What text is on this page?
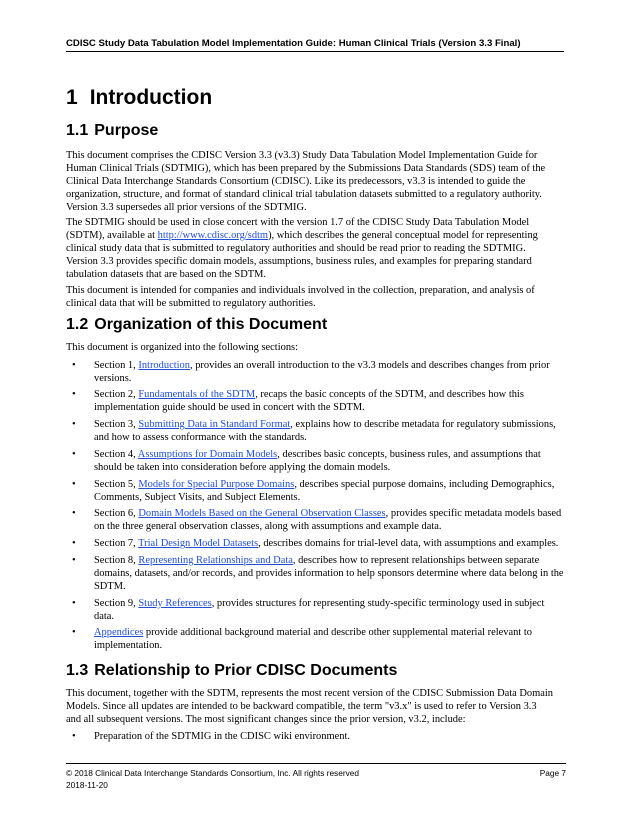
CDISC Study Data Tabulation Model Implementation Guide: Human Clinical Trials (Version 3.3 Final)
1 Introduction
1.1 Purpose
This document comprises the CDISC Version 3.3 (v3.3) Study Data Tabulation Model Implementation Guide for
Human Clinical Trials (SDTMIG), which has been prepared by the Submissions Data Standards (SDS) team of the
Clinical Data Interchange Standards Consortium (CDISC). Like its predecessors, v3.3 is intended to guide the
organization, structure, and format of standard clinical trial tabulation datasets submitted to a regulatory authority.
Version 3.3 supersedes all prior versions of the SDTMIG.
The SDTMIG should be used in close concert with the version 1.7 of the CDISC Study Data Tabulation Model
(SDTM), available at http://www.cdisc.org/sdtm), which describes the general conceptual model for representing
clinical study data that is submitted to regulatory authorities and should be read prior to reading the SDTMIG.
Version 3.3 provides specific domain models, assumptions, business rules, and examples for preparing standard
tabulation datasets that are based on the SDTM.
This document is intended for companies and individuals involved in the collection, preparation, and analysis of
clinical data that will be submitted to regulatory authorities.
1.2 Organization of this Document
This document is organized into the following sections:
• Section 1, Introduction, provides an overall introduction to the v3.3 models and describes changes from prior
versions.
• Section 2, Fundamentals of the SDTM, recaps the basic concepts of the SDTM, and describes how this
implementation guide should be used in concert with the SDTM.
• Section 3, Submitting Data in Standard Format, explains how to describe metadata for regulatory submissions,
and how to assess conformance with the standards.
• Section 4, Assumptions for Domain Models, describes basic concepts, business rules, and assumptions that
should be taken into consideration before applying the domain models.
• Section 5, Models for Special Purpose Domains, describes special purpose domains, including Demographics,
Comments, Subject Visits, and Subject Elements.
• Section 6, Domain Models Based on the General Observation Classes, provides specific metadata models based
on the three general observation classes, along with assumptions and example data.
• Section 7, Trial Design Model Datasets, describes domains for trial-level data, with assumptions and examples.
• Section 8, Representing Relationships and Data, describes how to represent relationships between separate
domains, datasets, and/or records, and provides information to help sponsors determine where data belong in the
SDTM.
• Section 9, Study References, provides structures for representing study-specific terminology used in subject
data.
• Appendices provide additional background material and describe other supplemental material relevant to
implementation.
1.3 Relationship to Prior CDISC Documents
This document, together with the SDTM, represents the most recent version of the CDISC Submission Data Domain
Models. Since all updates are intended to be backward compatible, the term "v3.x" is used to refer to Version 3.3
and all subsequent versions. The most significant changes since the prior version, v3.2, include:
• Preparation of the SDTMIG in the CDISC wiki environment.
© 2018 Clinical Data Interchange Standards Consortium, Inc. All rights reserved	Page 7
2018-11-20
